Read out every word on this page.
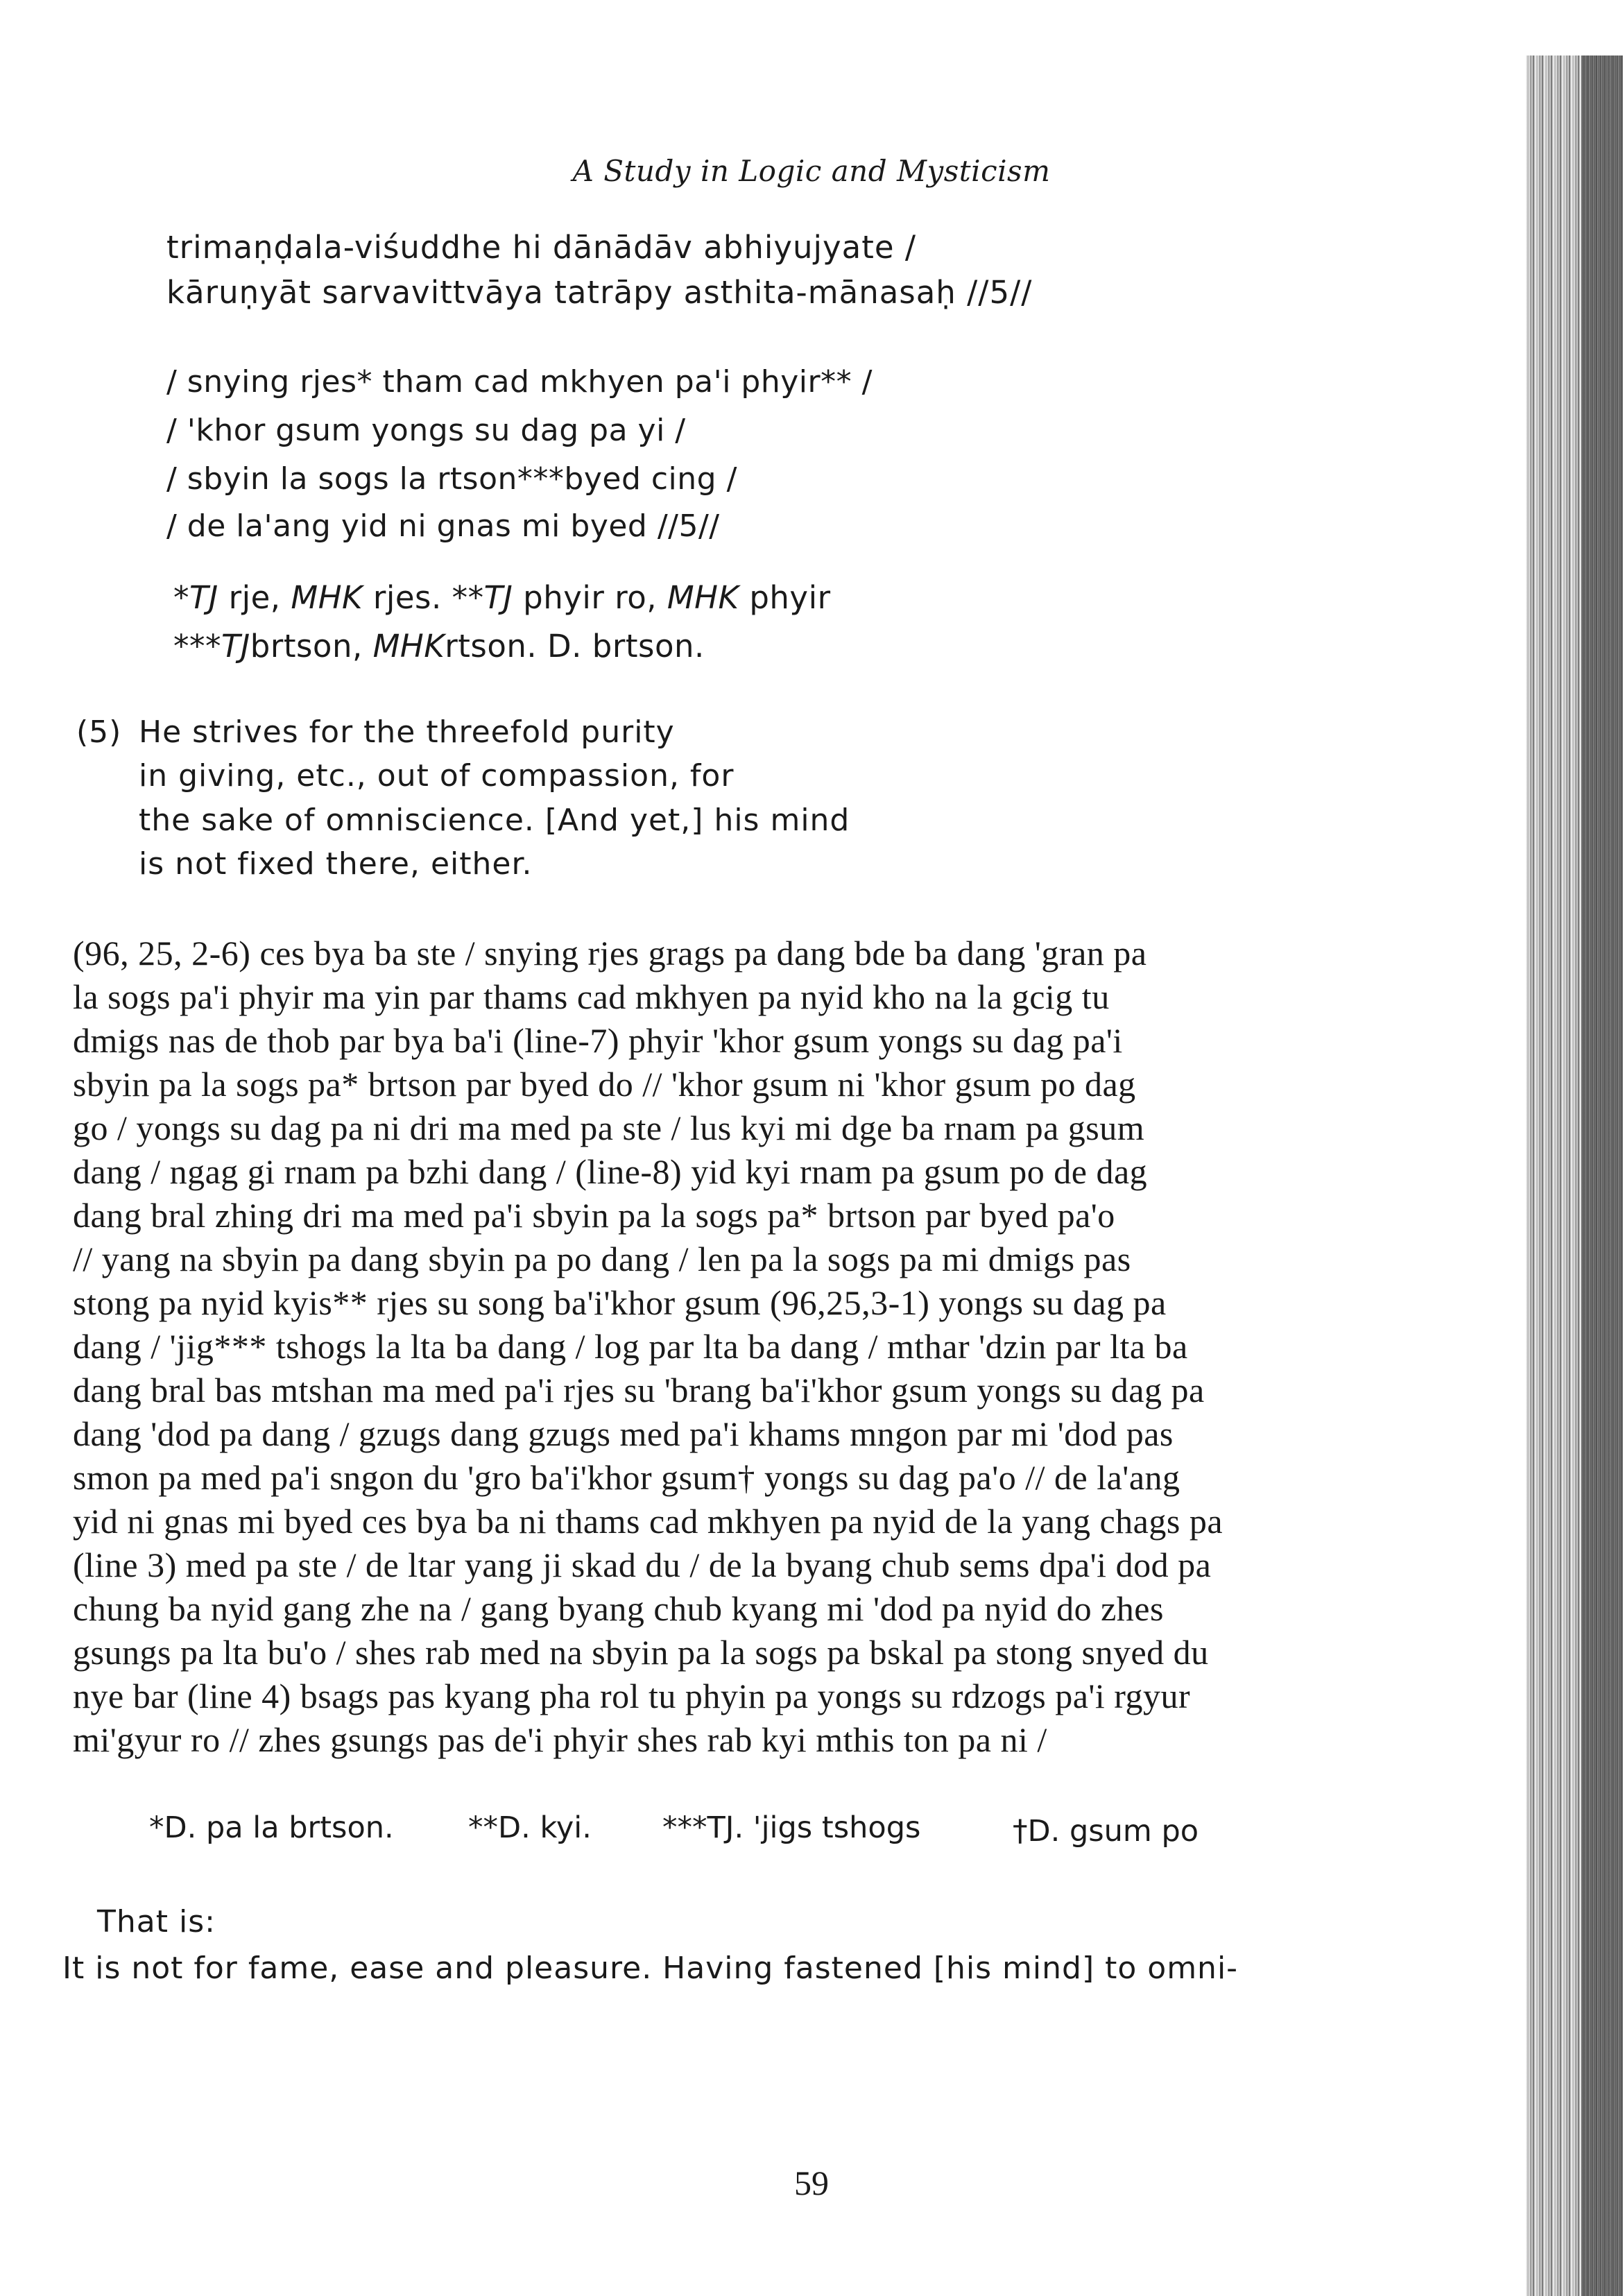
A Study in Logic and Mysticism
trimaṇḍala-viśuddhe hi dānādāv abhiyujyate /
kāruṇyāt sarvavittvāya tatrāpy asthita-mānasaḥ //5//
/ snying rjes* tham cad mkhyen pa'i phyir** /
/ 'khor gsum yongs su dag pa yi /
/ sbyin la sogs la rtson***byed cing /
/ de la'ang yid ni gnas mi byed //5//
*TJ rje, MHK rjes. **TJ phyir ro, MHK phyir
***TJbrtson, MHKrtson. D. brtson.
(5) He strives for the threefold purity
in giving, etc., out of compassion, for
the sake of omniscience. [And yet,] his mind
is not fixed there, either.
(96, 25, 2-6) ces bya ba ste / snying rjes grags pa dang bde ba dang 'gran pa
la sogs pa'i phyir ma yin par thams cad mkhyen pa nyid kho na la gcig tu
dmigs nas de thob par bya ba'i (line-7) phyir 'khor gsum yongs su dag pa'i
sbyin pa la sogs pa* brtson par byed do // 'khor gsum ni 'khor gsum po dag
go / yongs su dag pa ni dri ma med pa ste / lus kyi mi dge ba rnam pa gsum
dang / ngag gi rnam pa bzhi dang / (line-8) yid kyi rnam pa gsum po de dag
dang bral zhing dri ma med pa'i sbyin pa la sogs pa* brtson par byed pa'o
// yang na sbyin pa dang sbyin pa po dang / len pa la sogs pa mi dmigs pas
stong pa nyid kyis** rjes su song ba'i'khor gsum (96,25,3-1) yongs su dag pa
dang / 'jig*** tshogs la lta ba dang / log par lta ba dang / mthar 'dzin par lta ba
dang bral bas mtshan ma med pa'i rjes su 'brang ba'i'khor gsum yongs su dag pa
dang 'dod pa dang / gzugs dang gzugs med pa'i khams mngon par mi 'dod pas
smon pa med pa'i sngon du 'gro ba'i'khor gsum† yongs su dag pa'o // de la'ang
yid ni gnas mi byed ces bya ba ni thams cad mkhyen pa nyid de la yang chags pa
(line 3) med pa ste / de ltar yang ji skad du / de la byang chub sems dpa'i dod pa
chung ba nyid gang zhe na / gang byang chub kyang mi 'dod pa nyid do zhes
gsungs pa lta bu'o / shes rab med na sbyin pa la sogs pa bskal pa stong snyed du
nye bar (line 4) bsags pas kyang pha rol tu phyin pa yongs su rdzogs pa'i rgyur
mi'gyur ro // zhes gsungs pas de'i phyir shes rab kyi mthis ton pa ni /
*D. pa la brtson. **D. kyi. ***TJ. 'jigs tshogs	†D. gsum po
That is:
It is not for fame, ease and pleasure. Having fastened [his mind] to omni-
59
